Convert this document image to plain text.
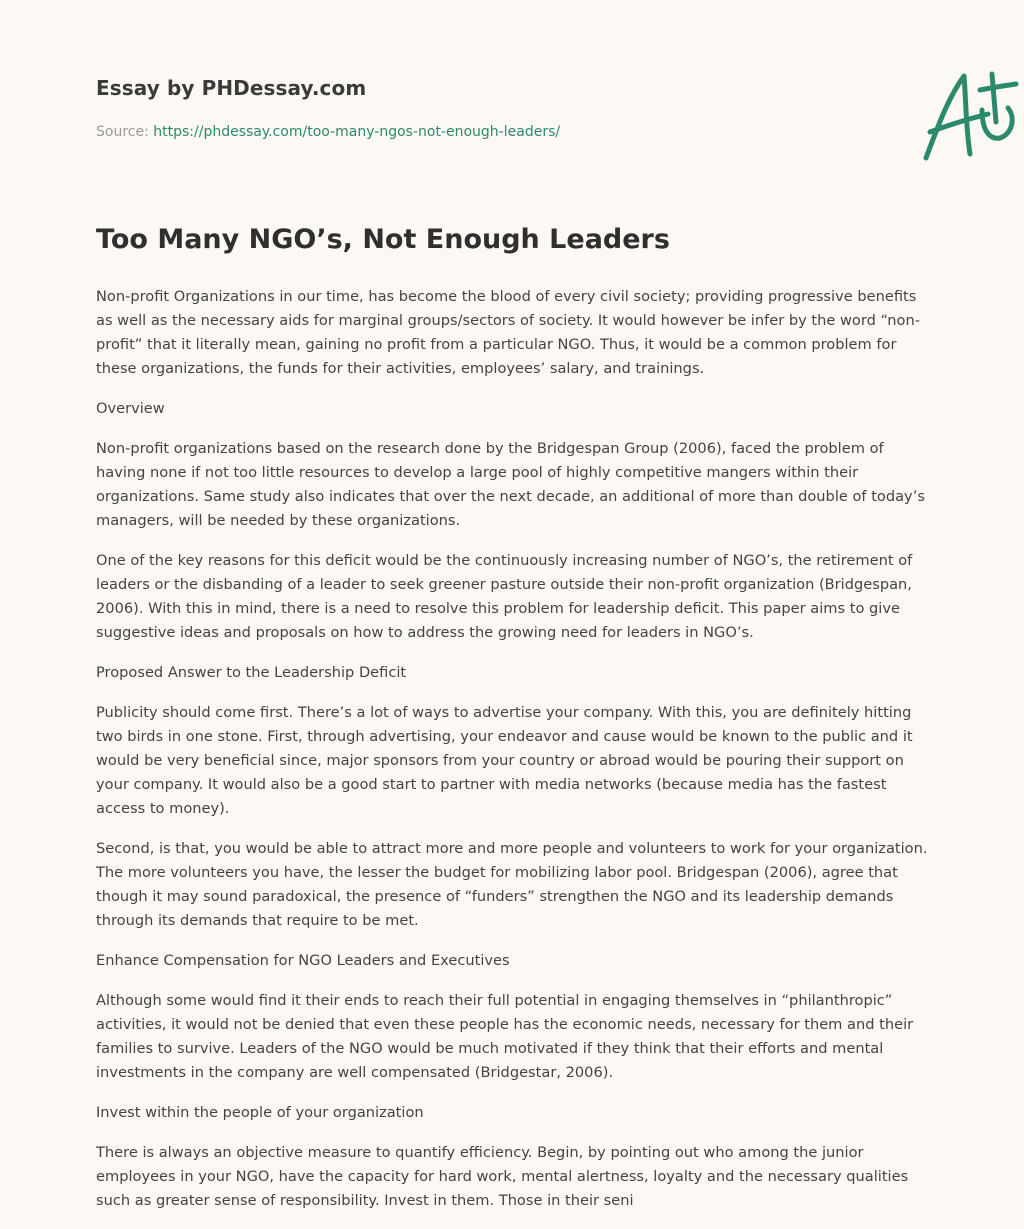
Essay by PHDessay.com
Source: https://phdessay.com/too-many-ngos-not-enough-leaders/
Too Many NGO’s, Not Enough Leaders

Non-profit Organizations in our time, has become the blood of every civil society; providing progressive benefits as well as the necessary aids for marginal groups/sectors of society. It would however be infer by the word “non-profit” that it literally mean, gaining no profit from a particular NGO. Thus, it would be a common problem for these organizations, the funds for their activities, employees’ salary, and trainings.

Overview

Non-profit organizations based on the research done by the Bridgespan Group (2006), faced the problem of having none if not too little resources to develop a large pool of highly competitive mangers within their organizations. Same study also indicates that over the next decade, an additional of more than double of today’s managers, will be needed by these organizations.

One of the key reasons for this deficit would be the continuously increasing number of NGO’s, the retirement of leaders or the disbanding of a leader to seek greener pasture outside their non-profit organization (Bridgespan, 2006). With this in mind, there is a need to resolve this problem for leadership deficit. This paper aims to give suggestive ideas and proposals on how to address the growing need for leaders in NGO’s.

Proposed Answer to the Leadership Deficit

Publicity should come first. There’s a lot of ways to advertise your company. With this, you are definitely hitting two birds in one stone. First, through advertising, your endeavor and cause would be known to the public and it would be very beneficial since, major sponsors from your country or abroad would be pouring their support on your company. It would also be a good start to partner with media networks (because media has the fastest access to money).

Second, is that, you would be able to attract more and more people and volunteers to work for your organization. The more volunteers you have, the lesser the budget for mobilizing labor pool. Bridgespan (2006), agree that though it may sound paradoxical, the presence of “funders” strengthen the NGO and its leadership demands through its demands that require to be met.

Enhance Compensation for NGO Leaders and Executives

Although some would find it their ends to reach their full potential in engaging themselves in “philanthropic” activities, it would not be denied that even these people has the economic needs, necessary for them and their families to survive. Leaders of the NGO would be much motivated if they think that their efforts and mental investments in the company are well compensated (Bridgestar, 2006).

Invest within the people of your organization

There is always an objective measure to quantify efficiency. Begin, by pointing out who among the junior employees in your NGO, have the capacity for hard work, mental alertness, loyalty and the necessary qualities such as greater sense of responsibility. Invest in them. Those in their seni
